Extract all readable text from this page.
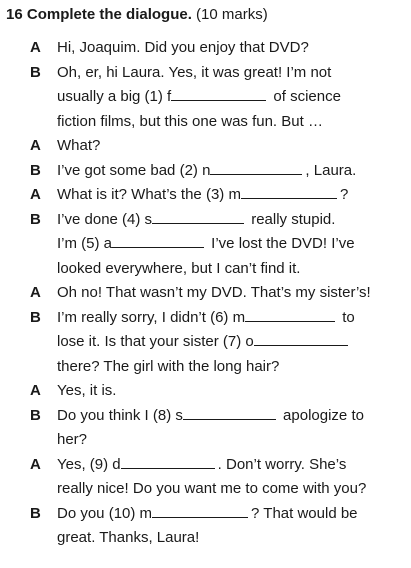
16 Complete the dialogue. (10 marks)
A	Hi, Joaquim. Did you enjoy that DVD?
B	Oh, er, hi Laura. Yes, it was great! I’m not
usually a big (1) f	of science
fiction films, but this one was fun. But …
A	What?
B	I’ve got some bad (2) n	, Laura.
A	What is it? What’s the (3) m	?
B	I’ve done (4) s	really stupid.
I’m (5) a	I’ve lost the DVD! I’ve
looked everywhere, but I can’t find it.
A	Oh no! That wasn’t my DVD. That’s my sister’s!
B	I’m really sorry, I didn’t (6) m	to
lose it. Is that your sister (7) o
there? The girl with the long hair?
A	Yes, it is.
B	Do you think I (8) s	apologize to
her?
A	Yes, (9) d	. Don’t worry. She’s
really nice! Do you want me to come with you?
B	Do you (10) m	? That would be
great. Thanks, Laura!
